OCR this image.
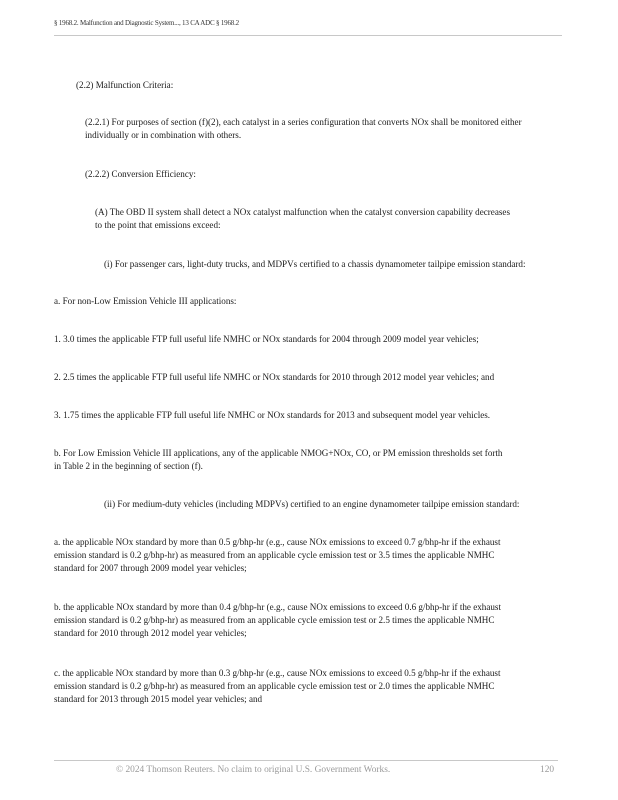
§ 1968.2. Malfunction and Diagnostic System..., 13 CA ADC § 1968.2

(2.2) Malfunction Criteria:

(2.2.1) For purposes of section (f)(2), each catalyst in a series configuration that converts NOx shall be monitored either
individually or in combination with others.

(2.2.2) Conversion Efficiency:

(A) The OBD II system shall detect a NOx catalyst malfunction when the catalyst conversion capability decreases
to the point that emissions exceed:

(i) For passenger cars, light-duty trucks, and MDPVs certified to a chassis dynamometer tailpipe emission standard:

a. For non-Low Emission Vehicle III applications:

1. 3.0 times the applicable FTP full useful life NMHC or NOx standards for 2004 through 2009 model year vehicles;

2. 2.5 times the applicable FTP full useful life NMHC or NOx standards for 2010 through 2012 model year vehicles; and

3. 1.75 times the applicable FTP full useful life NMHC or NOx standards for 2013 and subsequent model year vehicles.

b. For Low Emission Vehicle III applications, any of the applicable NMOG+NOx, CO, or PM emission thresholds set forth
in Table 2 in the beginning of section (f).

(ii) For medium-duty vehicles (including MDPVs) certified to an engine dynamometer tailpipe emission standard:

a. the applicable NOx standard by more than 0.5 g/bhp-hr (e.g., cause NOx emissions to exceed 0.7 g/bhp-hr if the exhaust
emission standard is 0.2 g/bhp-hr) as measured from an applicable cycle emission test or 3.5 times the applicable NMHC
standard for 2007 through 2009 model year vehicles;

b. the applicable NOx standard by more than 0.4 g/bhp-hr (e.g., cause NOx emissions to exceed 0.6 g/bhp-hr if the exhaust
emission standard is 0.2 g/bhp-hr) as measured from an applicable cycle emission test or 2.5 times the applicable NMHC
standard for 2010 through 2012 model year vehicles;

c. the applicable NOx standard by more than 0.3 g/bhp-hr (e.g., cause NOx emissions to exceed 0.5 g/bhp-hr if the exhaust
emission standard is 0.2 g/bhp-hr) as measured from an applicable cycle emission test or 2.0 times the applicable NMHC
standard for 2013 through 2015 model year vehicles; and

© 2024 Thomson Reuters. No claim to original U.S. Government Works.	120
